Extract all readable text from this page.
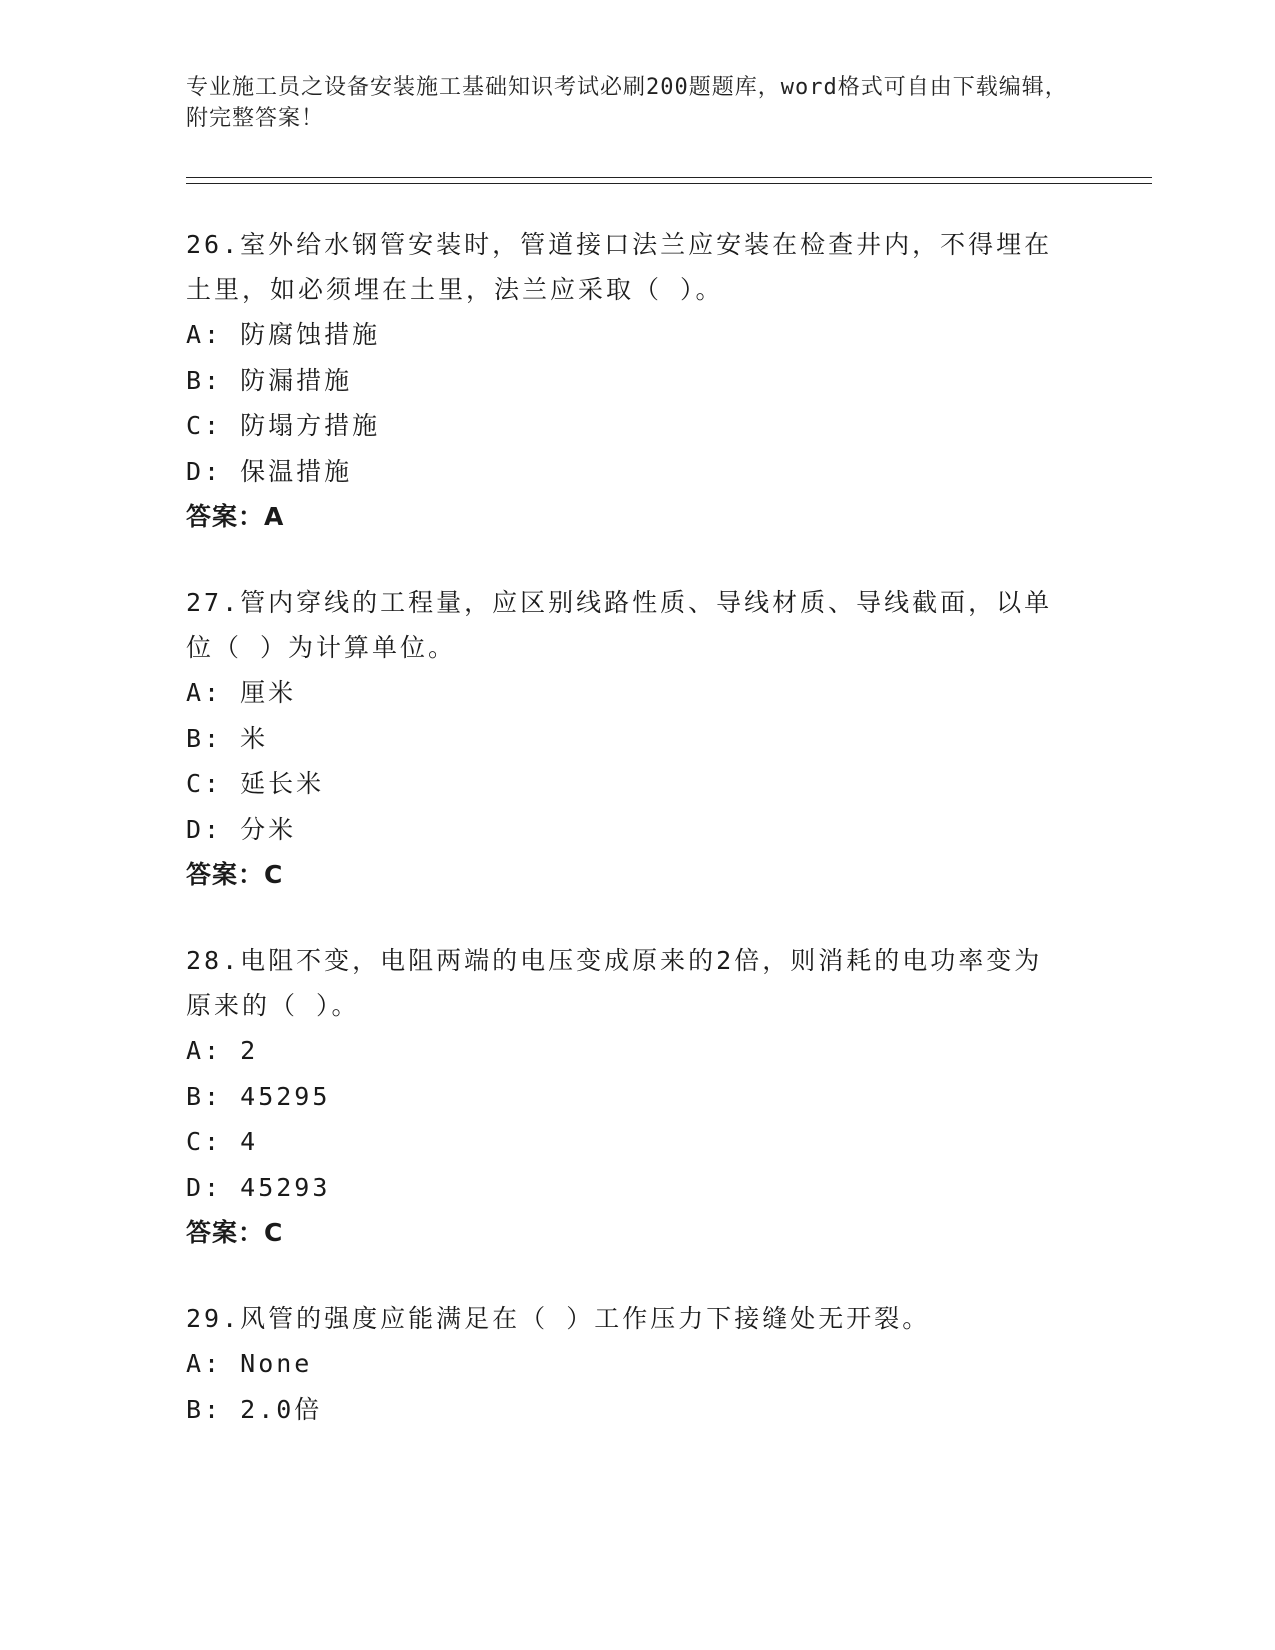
专业施工员之设备安装施工基础知识考试必刷200题题库，word格式可自由下载编辑，附完整答案！

26.室外给水钢管安装时，管道接口法兰应安装在检查井内，不得埋在土里，如必须埋在土里，法兰应采取（ ）。

A: 防腐蚀措施

B: 防漏措施

C: 防塌方措施

D: 保温措施

答案：A

27.管内穿线的工程量，应区别线路性质、导线材质、导线截面，以单位（ ）为计算单位。

A: 厘米

B: 米

C: 延长米

D: 分米

答案：C

28.电阻不变，电阻两端的电压变成原来的2倍，则消耗的电功率变为原来的（ ）。

A: 2

B: 45295

C: 4

D: 45293

答案：C

29.风管的强度应能满足在（ ）工作压力下接缝处无开裂。

A: None

B: 2.0倍
